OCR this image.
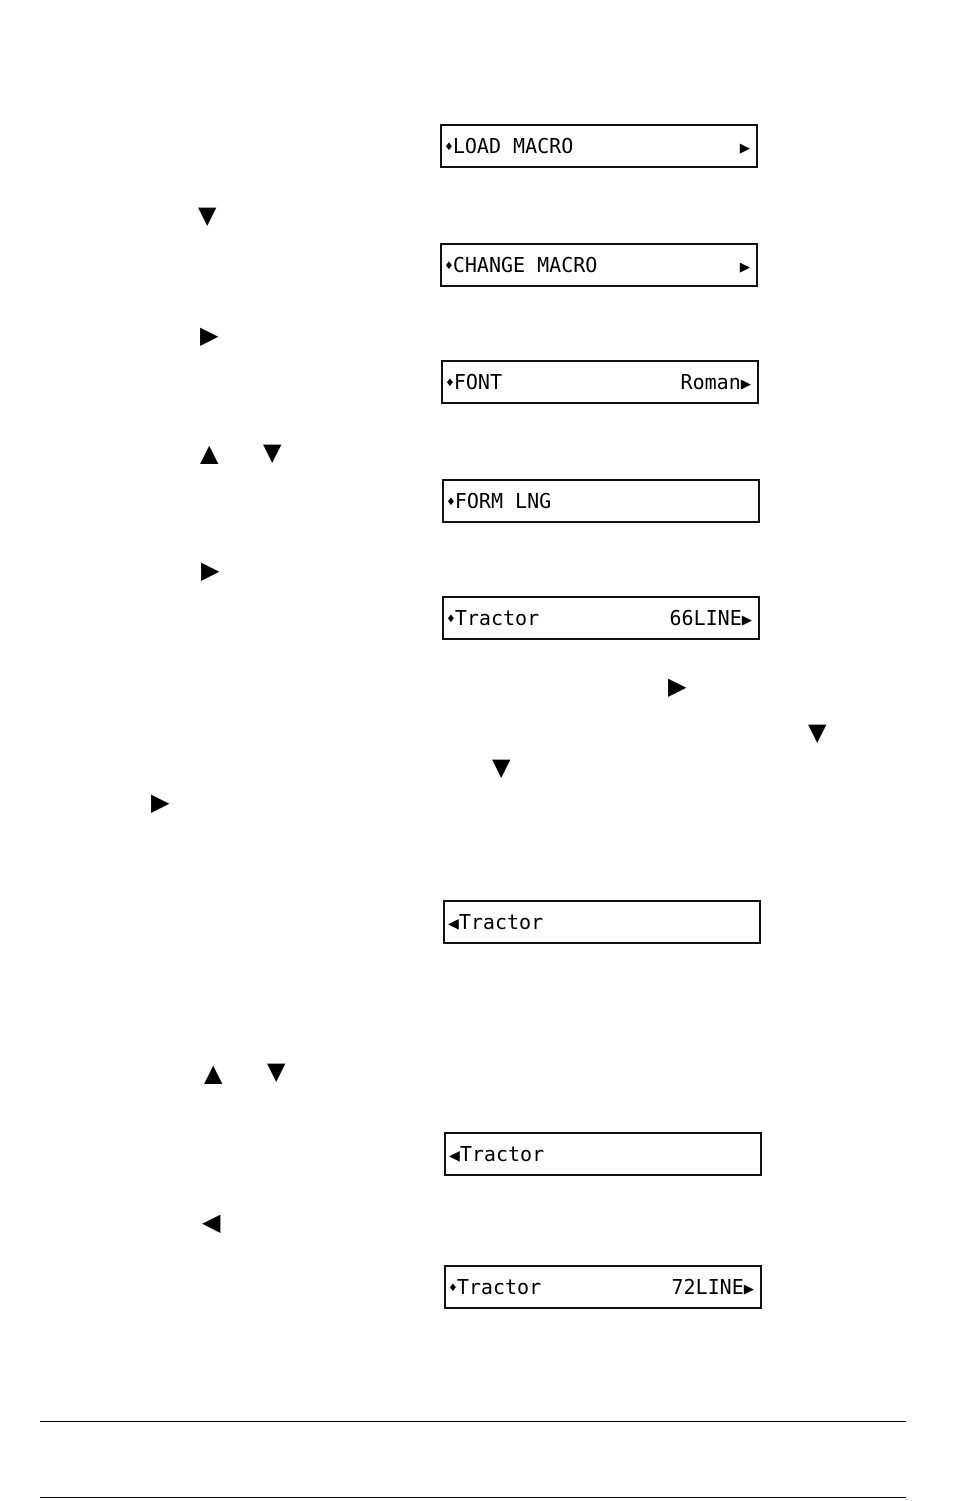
♦LOAD MACRO	▶
▼
♦CHANGE MACRO	▶
▶
♦FONT	Roman▶
▲ ▼
♦FORM LNG
▶
♦Tractor	66LINE▶
▶
▼
▼
▶
◀Tractor
▲ ▼
◀Tractor
◀
♦Tractor	72LINE▶
